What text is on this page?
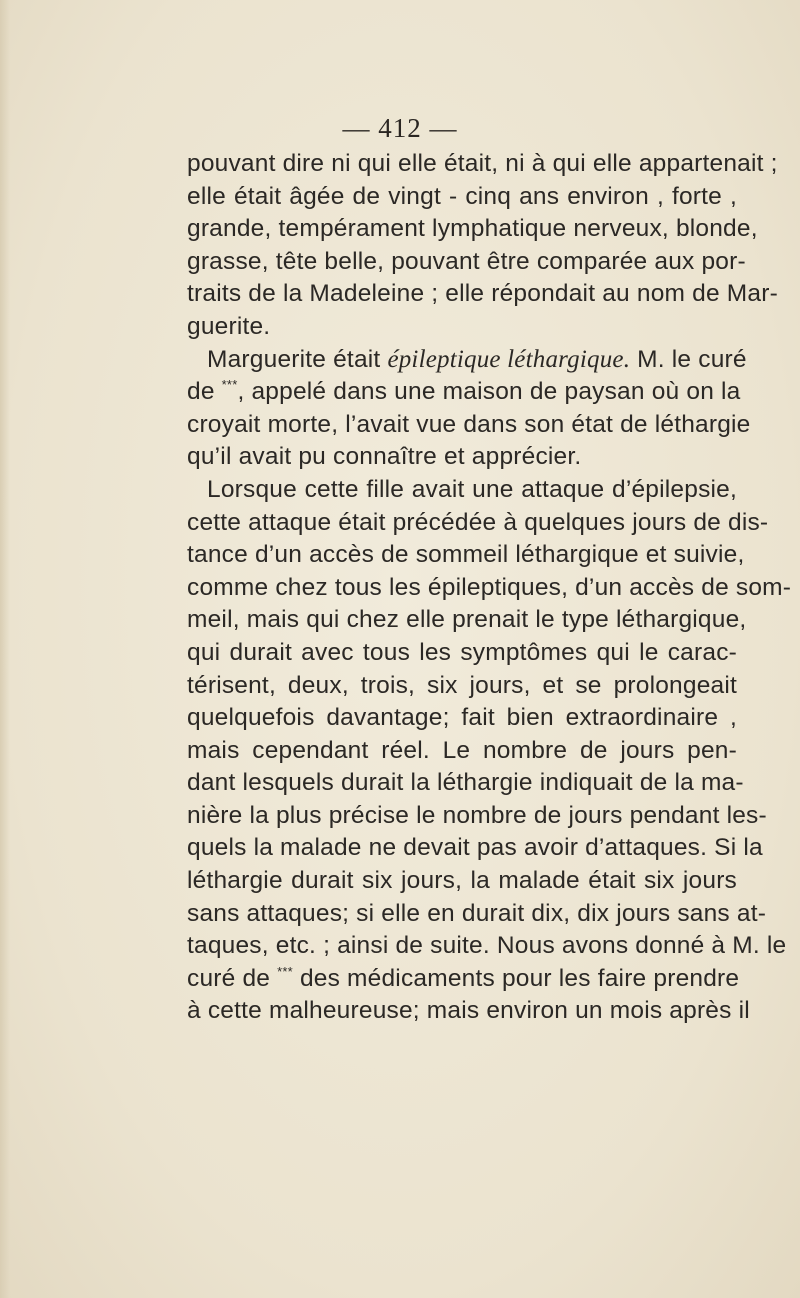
— 412 —
pouvant dire ni qui elle était, ni à qui elle appartenait ;
elle était âgée de vingt - cinq ans environ , forte ,
grande, tempérament lymphatique nerveux, blonde,
grasse, tête belle, pouvant être comparée aux por-
traits de la Madeleine ; elle répondait au nom de Mar-
guerite.
Marguerite était épileptique léthargique. M. le curé
de ***, appelé dans une maison de paysan où on la
croyait morte, l’avait vue dans son état de léthargie
qu’il avait pu connaître et apprécier.
Lorsque cette fille avait une attaque d’épilepsie,
cette attaque était précédée à quelques jours de dis-
tance d’un accès de sommeil léthargique et suivie,
comme chez tous les épileptiques, d’un accès de som-
meil, mais qui chez elle prenait le type léthargique,
qui durait avec tous les symptômes qui le carac-
térisent, deux, trois, six jours, et se prolongeait
quelquefois davantage; fait bien extraordinaire ,
mais cependant réel. Le nombre de jours pen-
dant lesquels durait la léthargie indiquait de la ma-
nière la plus précise le nombre de jours pendant les-
quels la malade ne devait pas avoir d’attaques. Si la
léthargie durait six jours, la malade était six jours
sans attaques; si elle en durait dix, dix jours sans at-
taques, etc. ; ainsi de suite. Nous avons donné à M. le
curé de *** des médicaments pour les faire prendre
à cette malheureuse; mais environ un mois après il
